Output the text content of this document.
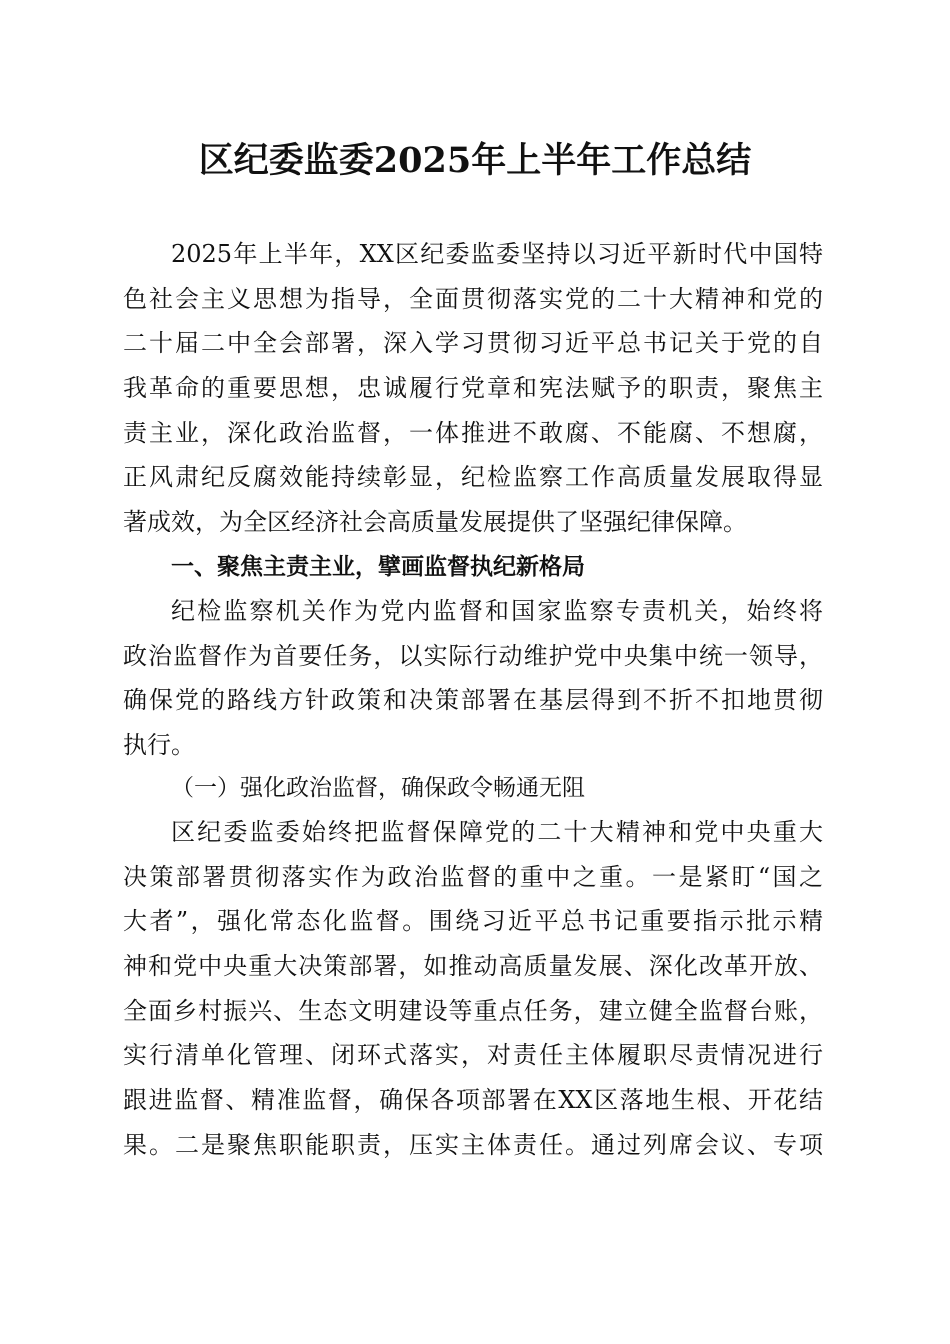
区纪委监委2025年上半年工作总结
2025年上半年，XX区纪委监委坚持以习近平新时代中国特
色社会主义思想为指导，全面贯彻落实党的二十大精神和党的
二十届二中全会部署，深入学习贯彻习近平总书记关于党的自
我革命的重要思想，忠诚履行党章和宪法赋予的职责，聚焦主
责主业，深化政治监督，一体推进不敢腐、不能腐、不想腐，
正风肃纪反腐效能持续彰显，纪检监察工作高质量发展取得显
著成效，为全区经济社会高质量发展提供了坚强纪律保障。
一、聚焦主责主业，擘画监督执纪新格局
纪检监察机关作为党内监督和国家监察专责机关，始终将
政治监督作为首要任务，以实际行动维护党中央集中统一领导，
确保党的路线方针政策和决策部署在基层得到不折不扣地贯彻
执行。
（一）强化政治监督，确保政令畅通无阻
区纪委监委始终把监督保障党的二十大精神和党中央重大
决策部署贯彻落实作为政治监督的重中之重。一是紧盯“国之
大者”，强化常态化监督。围绕习近平总书记重要指示批示精
神和党中央重大决策部署，如推动高质量发展、深化改革开放、
全面乡村振兴、生态文明建设等重点任务，建立健全监督台账，
实行清单化管理、闭环式落实，对责任主体履职尽责情况进行
跟进监督、精准监督，确保各项部署在XX区落地生根、开花结
果。二是聚焦职能职责，压实主体责任。通过列席会议、专项
